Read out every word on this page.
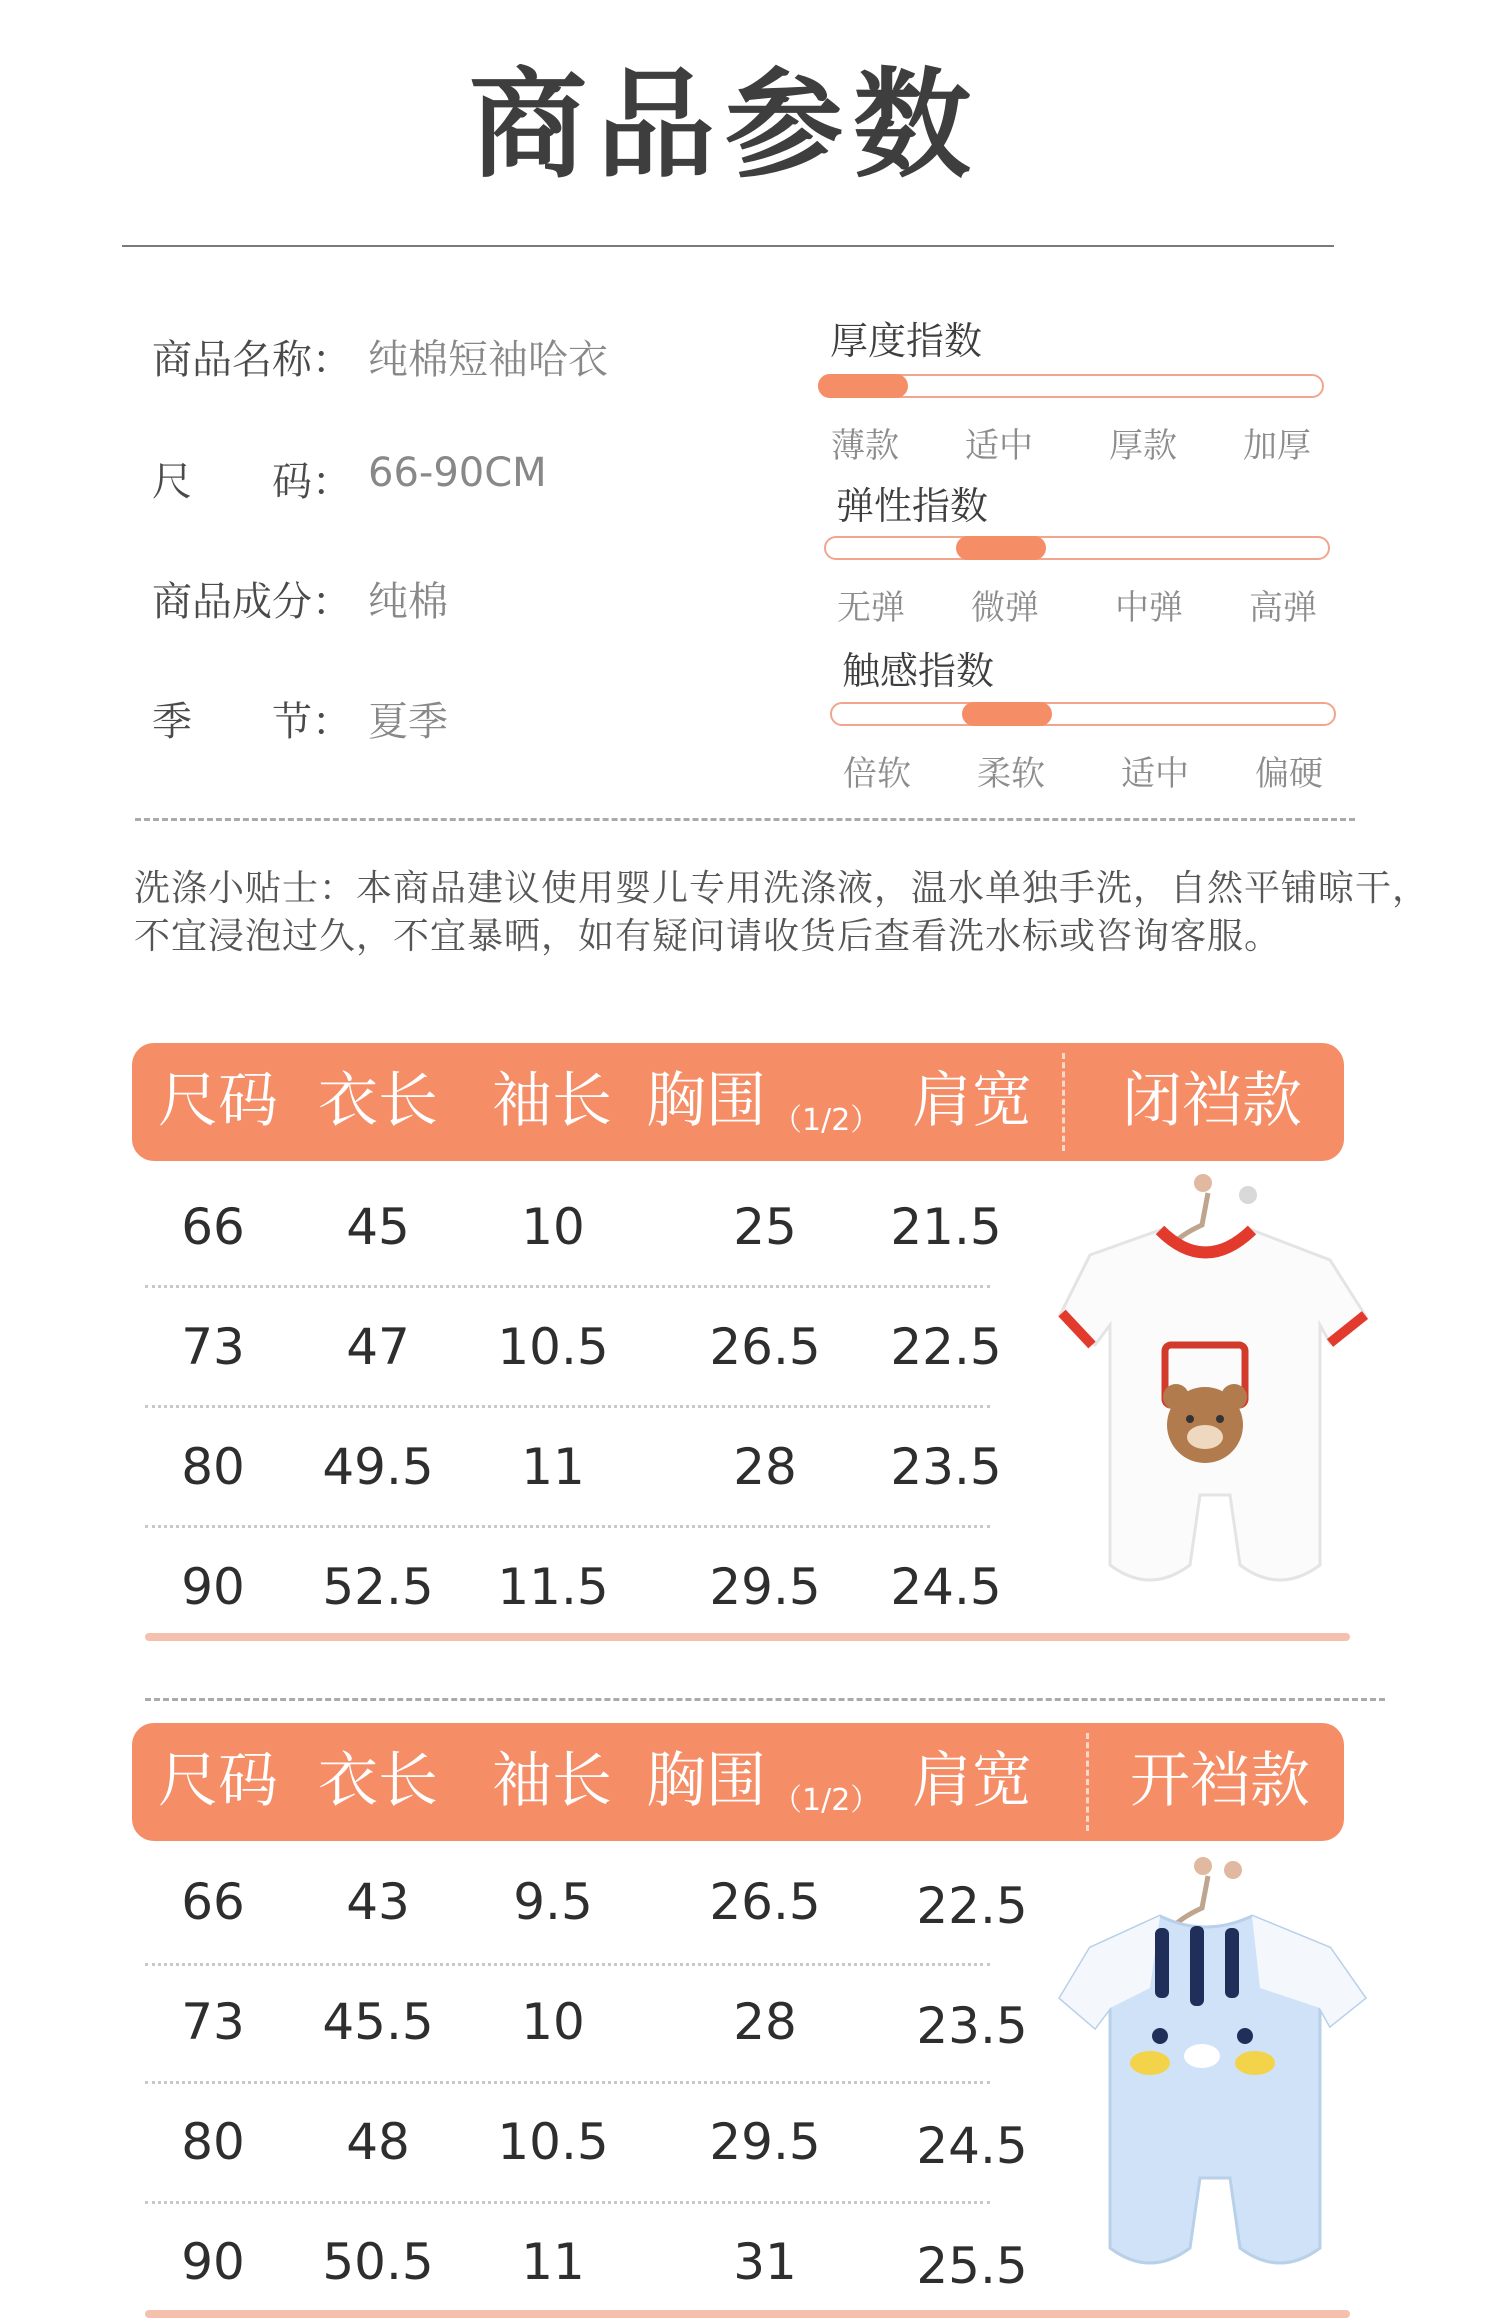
商品参数
商品名称： 纯棉短袖哈衣
尺　　码： 66-90CM
商品成分： 纯棉
季　　节： 夏季
厚度指数
薄款	适中	厚款	加厚
弹性指数
无弹	微弹	中弹	高弹
触感指数
倍软	柔软	适中	偏硬
洗涤小贴士：本商品建议使用婴儿专用洗涤液，温水单独手洗，自然平铺晾干，
不宜浸泡过久，不宜暴晒，如有疑问请收货后查看洗水标或咨询客服。
尺码 衣长 袖长 胸围 （1/2） 肩宽 闭裆款
66	45	10	25	21.5
73	47	10.5	26.5	22.5
80	49.5	11	28	23.5
90	52.5	11.5	29.5	24.5
尺码 衣长 袖长 胸围 （1/2） 肩宽 开裆款
66	43	9.5	26.5	22.5
73	45.5	10	28	23.5
80	48	10.5	29.5	24.5
90	50.5	11	31	25.5
